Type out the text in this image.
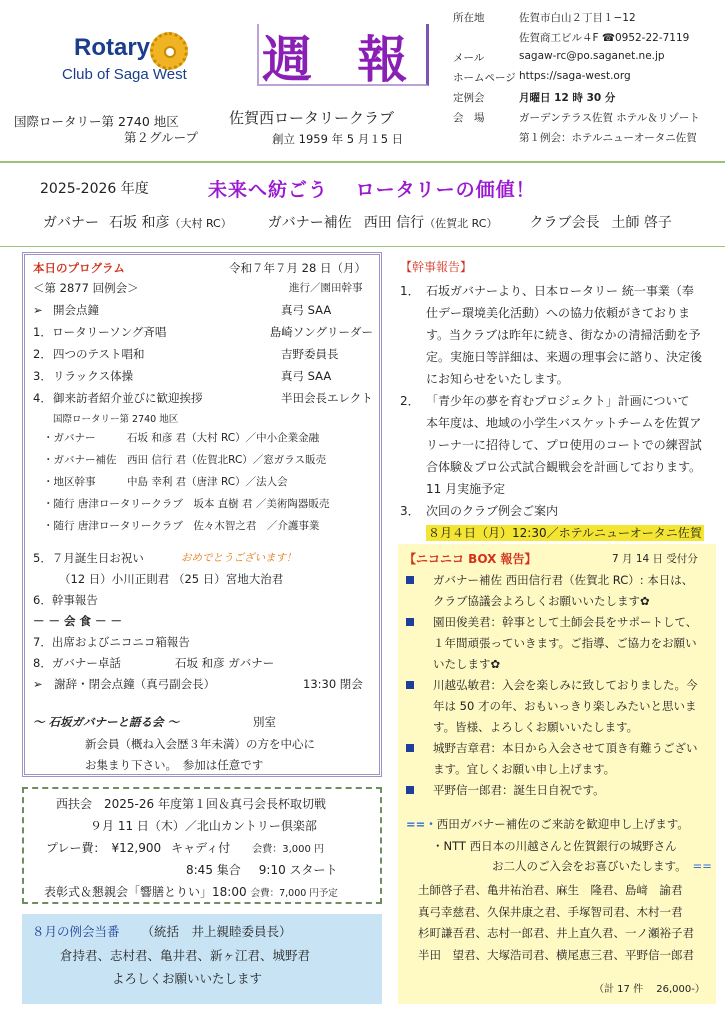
Rotary
Club of Saga West
国際ロータリー第 2740 地区
第２グループ
週 報
佐賀西ロータリークラブ
創立 1959 年 5 月１5 日
所在地	佐賀市白山２丁目１−12
佐賀商工ビル４F ☎0952-22-7119
メール	sagaw-rc@po.saganet.ne.jp
ホームページ https://saga-west.org
定例会	月曜日 12 時 30 分
会　場	ガーデンテラス佐賀 ホテル＆リゾート
第１例会：ホテルニューオータニ佐賀
2025-2026 年度	未来へ紡ごう　 ロータリーの価値！
ガバナー 石坂 和彦 （大村 RC）	ガバナー補佐 西田 信行 （佐賀北 RC） クラブ会長 土師 啓子
本日のプログラム	令和７年７月 28 日（月）
＜第 2877 回例会＞	進行／園田幹事
➢ 開会点鐘	真弓 SAA
1． ロータリーソング斉唱	島崎ソングリーダー
2． 四つのテスト唱和	吉野委員長
3． リラックス体操	真弓 SAA
4． 御来訪者紹介並びに歓迎挨拶	半田会長エレクト
国際ロータリー第 2740 地区
・ガバナー　　　石坂 和彦 君（大村 RC）／中小企業金融
・ガバナー補佐　西田 信行 君（佐賀北RC）／窓ガラス販売
・地区幹事　　　中島 幸利 君（唐津 RC）／法人会
・随行 唐津ロータリークラブ　坂本 直樹 君 ／美術陶器販売
・随行 唐津ロータリークラブ　佐々木智之君　／介護事業
5．７月誕生日お祝い	おめでとうございます！
（12 日）小川正則君 （25 日）宮地大治君
6．幹事報告
－ － 会 食 － －
7．出席およびニコニコ箱報告
8．ガバナー卓話	石坂 和彦 ガバナー
➢　謝辞・閉会点鐘（真弓副会長）	13:30 閉会
～ 石坂ガバナーと語る会 ～	別室
新会員（概ね入会歴３年未満）の方を中心に
お集まり下さい。　参加は任意です
西扶会　2025-26 年度第１回＆真弓会長杯取切戦
９月 11 日（木）／北山カントリー倶楽部
プレー費： ¥12,900 キャディ付 会費：3,000 円
8:45 集合 9:10 スタート
表彰式＆懇親会「響膳とりい」18:00 会費：7,000 円予定
８月の例会当番 （統括　井上親睦委員長）
倉持君、志村君、亀井君、新ヶ江君、城野君
よろしくお願いいたします
【幹事報告】
1． 石坂ガバナーより、日本ロータリー 統一事業（奉
仕デー環境美化活動）への協力依頼がきておりま
す。当クラブは昨年に続き、街なかの清掃活動を予
定。実施日等詳細は、来週の理事会に諮り、決定後
にお知らせをいたします。
2． 「青少年の夢を育むプロジェクト」計画について
本年度は、地域の小学生バスケットチームを佐賀ア
リーナ一に招待して、プロ使用のコートでの練習試
合体験＆プロ公式試合観戦会を計画しております。
11 月実施予定
3． 次回のクラブ例会ご案内
８月４日（月）12:30／ホテルニューオータニ佐賀
【ニコニコ BOX 報告】	7 月 14 日 受付分
ガバナー補佐 西田信行君（佐賀北 RC）: 本日は、
クラブ協議会よろしくお願いいたします✿
園田俊美君：幹事として土師会長をサポートして、
１年間頑張っていきます。ご指導、ご協力をお願い
いたします✿
川越弘敏君：入会を楽しみに致しておりました。今
年は 50 才の年、おもいっきり楽しみたいと思いま
す。皆様、よろしくお願いいたします。
城野吉章君：本日から入会させて頂き有難うござい
ます。宜しくお願い申し上げます。
平野信一郎君：誕生日自祝です。
==・西田ガバナー補佐のご来訪を歓迎申し上げます。
・NTT 西日本の川越さんと佐賀銀行の城野さん
お二人のご入会をお喜びいたします。 ==
土師啓子君、亀井祐治君、麻生　隆君、島﨑　諭君
真弓幸慈君、久保井康之君、手塚智司君、木村一君
杉町謙吾君、志村一郎君、井上直久君、一ノ瀬裕子君
半田　望君、大塚浩司君、横尾恵三君、平野信一郎君
（計 17 件　 26,000-）
